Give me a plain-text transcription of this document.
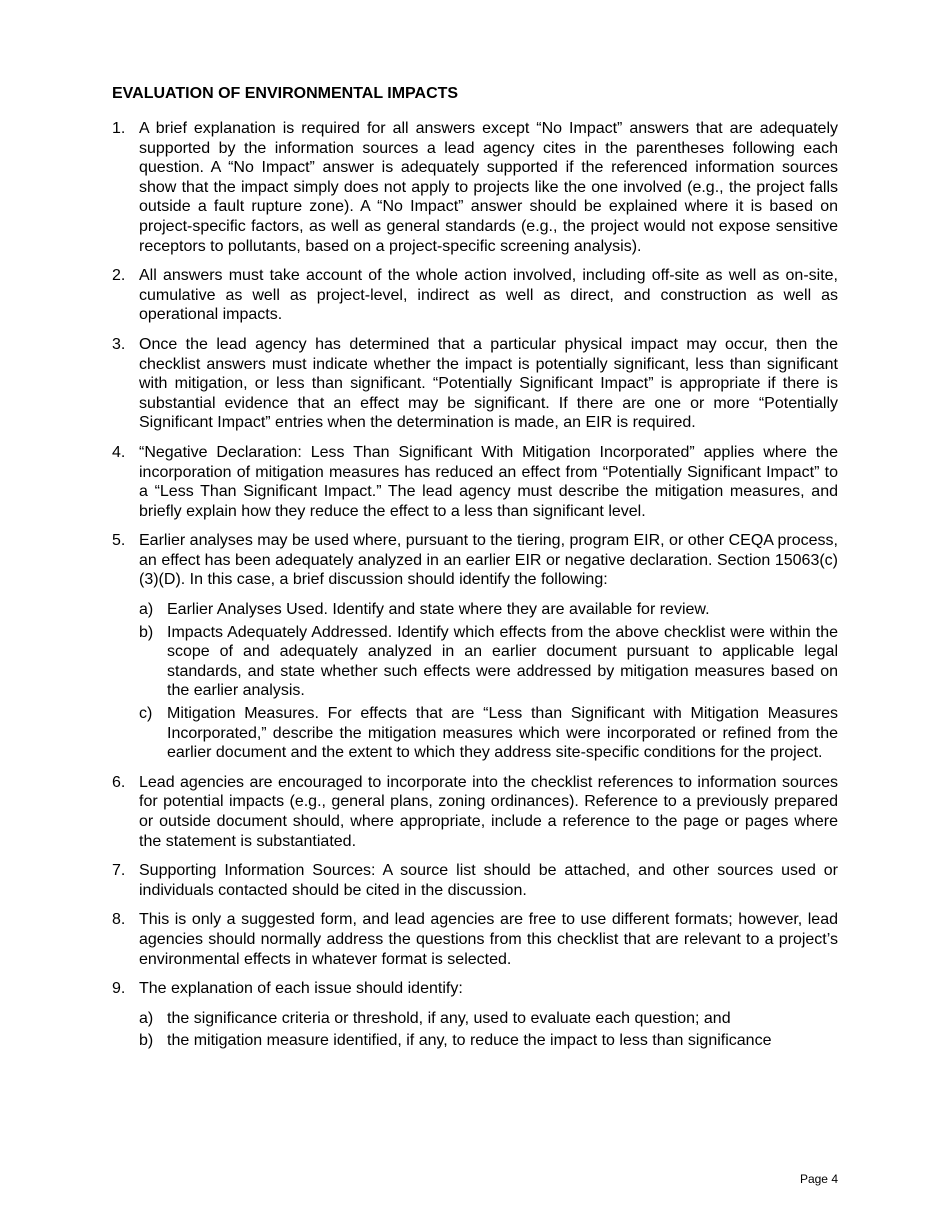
EVALUATION OF ENVIRONMENTAL IMPACTS
1. A brief explanation is required for all answers except “No Impact” answers that are adequately supported by the information sources a lead agency cites in the parentheses following each question. A “No Impact” answer is adequately supported if the referenced information sources show that the impact simply does not apply to projects like the one involved (e.g., the project falls outside a fault rupture zone). A “No Impact” answer should be explained where it is based on project-specific factors, as well as general standards (e.g., the project would not expose sensitive receptors to pollutants, based on a project-specific screening analysis).
2. All answers must take account of the whole action involved, including off-site as well as on-site, cumulative as well as project-level, indirect as well as direct, and construction as well as operational impacts.
3. Once the lead agency has determined that a particular physical impact may occur, then the checklist answers must indicate whether the impact is potentially significant, less than significant with mitigation, or less than significant. “Potentially Significant Impact” is appropriate if there is substantial evidence that an effect may be significant. If there are one or more “Potentially Significant Impact” entries when the determination is made, an EIR is required.
4. “Negative Declaration: Less Than Significant With Mitigation Incorporated” applies where the incorporation of mitigation measures has reduced an effect from “Potentially Significant Impact” to a “Less Than Significant Impact.” The lead agency must describe the mitigation measures, and briefly explain how they reduce the effect to a less than significant level.
5. Earlier analyses may be used where, pursuant to the tiering, program EIR, or other CEQA process, an effect has been adequately analyzed in an earlier EIR or negative declaration. Section 15063(c)(3)(D). In this case, a brief discussion should identify the following:
a) Earlier Analyses Used. Identify and state where they are available for review.
b) Impacts Adequately Addressed. Identify which effects from the above checklist were within the scope of and adequately analyzed in an earlier document pursuant to applicable legal standards, and state whether such effects were addressed by mitigation measures based on the earlier analysis.
c) Mitigation Measures. For effects that are “Less than Significant with Mitigation Measures Incorporated,” describe the mitigation measures which were incorporated or refined from the earlier document and the extent to which they address site-specific conditions for the project.
6. Lead agencies are encouraged to incorporate into the checklist references to information sources for potential impacts (e.g., general plans, zoning ordinances). Reference to a previously prepared or outside document should, where appropriate, include a reference to the page or pages where the statement is substantiated.
7. Supporting Information Sources: A source list should be attached, and other sources used or individuals contacted should be cited in the discussion.
8. This is only a suggested form, and lead agencies are free to use different formats; however, lead agencies should normally address the questions from this checklist that are relevant to a project’s environmental effects in whatever format is selected.
9. The explanation of each issue should identify:
a) the significance criteria or threshold, if any, used to evaluate each question; and
b) the mitigation measure identified, if any, to reduce the impact to less than significance
Page 4
